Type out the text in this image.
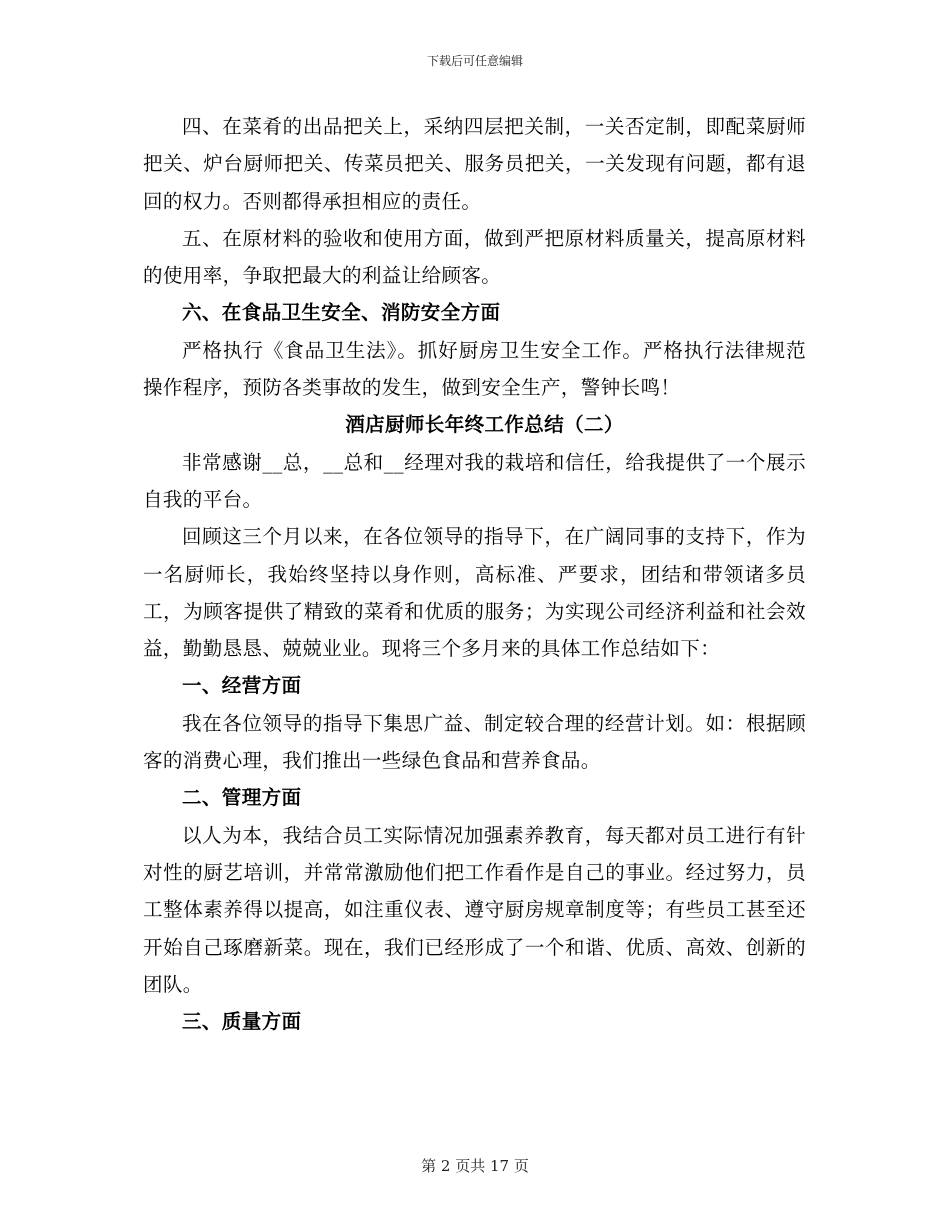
下载后可任意编辑

四、在菜肴的出品把关上，采纳四层把关制，一关否定制，即配菜厨师把关、炉台厨师把关、传菜员把关、服务员把关，一关发现有问题，都有退回的权力。否则都得承担相应的责任。

五、在原材料的验收和使用方面，做到严把原材料质量关，提高原材料的使用率，争取把最大的利益让给顾客。

六、在食品卫生安全、消防安全方面

严格执行《食品卫生法》。抓好厨房卫生安全工作。严格执行法律规范操作程序，预防各类事故的发生，做到安全生产，警钟长鸣！

酒店厨师长年终工作总结（二）

非常感谢__总，__总和__经理对我的栽培和信任，给我提供了一个展示自我的平台。

回顾这三个月以来，在各位领导的指导下，在广阔同事的支持下，作为一名厨师长，我始终坚持以身作则，高标准、严要求，团结和带领诸多员工，为顾客提供了精致的菜肴和优质的服务；为实现公司经济利益和社会效益，勤勤恳恳、兢兢业业。现将三个多月来的具体工作总结如下：

一、经营方面

我在各位领导的指导下集思广益、制定较合理的经营计划。如：根据顾客的消费心理，我们推出一些绿色食品和营养食品。

二、管理方面

以人为本，我结合员工实际情况加强素养教育，每天都对员工进行有针对性的厨艺培训，并常常激励他们把工作看作是自己的事业。经过努力，员工整体素养得以提高，如注重仪表、遵守厨房规章制度等；有些员工甚至还开始自己琢磨新菜。现在，我们已经形成了一个和谐、优质、高效、创新的团队。

三、质量方面

第 2 页共 17 页
